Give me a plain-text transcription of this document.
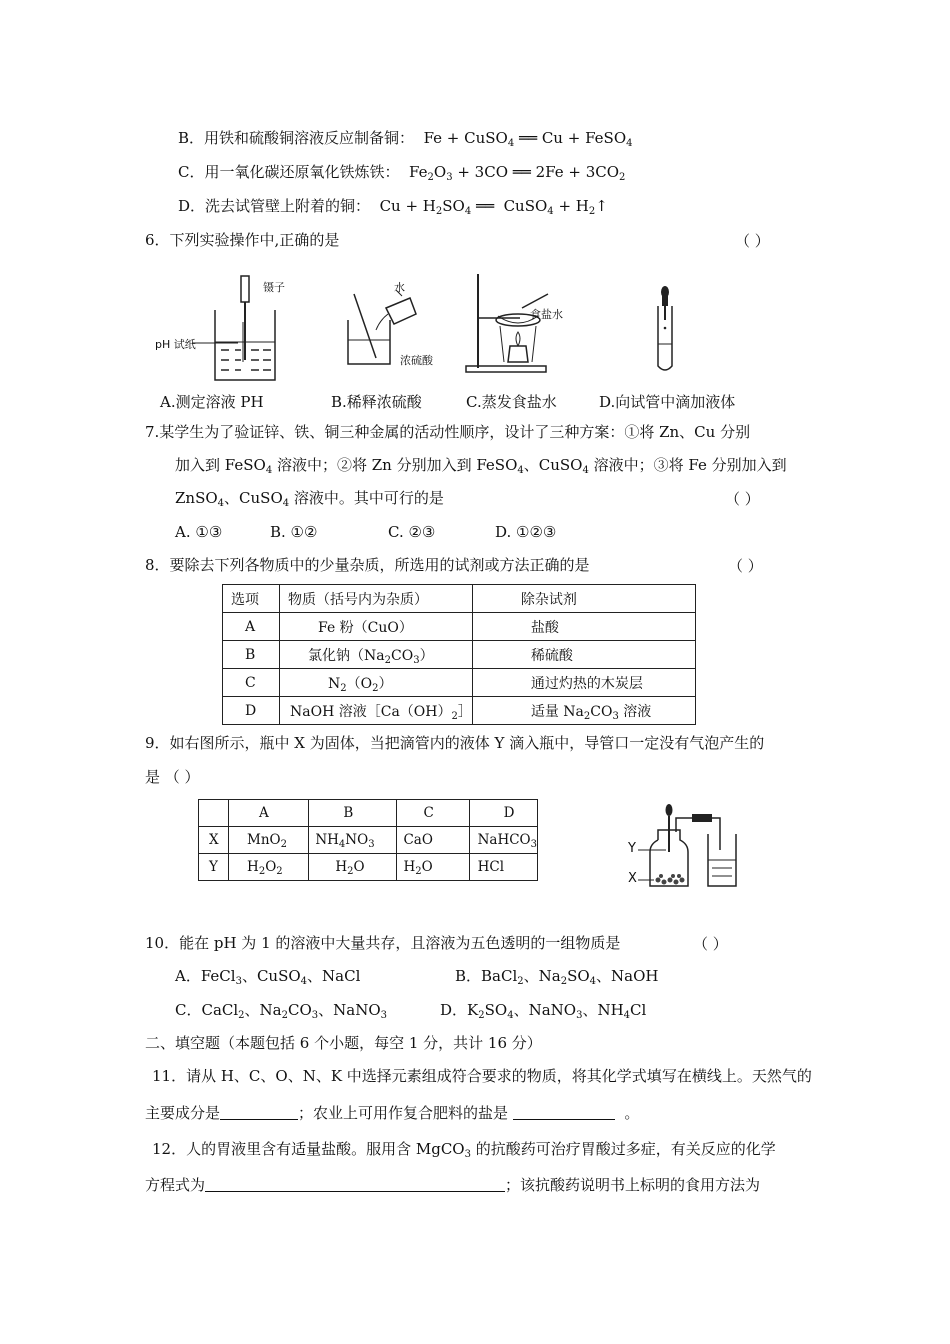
B．用铁和硫酸铜溶液反应制备铜：  Fe + CuSO$_4$ ══ Cu + FeSO$_4$
C．用一氧化碳还原氧化铁炼铁：  $Fe_2O_3 + 3CO$ ══ $2Fe + 3CO_2$
D．洗去试管壁上附着的铜：  $Cu + H_2SO_4$ ══  CuSO$_4$ + $H_2↑$
6．下列实验操作中,正确的是	（ ）
镊子
pH 试纸
水
浓硫酸
食盐水
A.测定溶液 PH	B.稀释浓硫酸	C.蒸发食盐水	D.向试管中滴加液体
7.某学生为了验证锌、铁、铜三种金属的活动性顺序，设计了三种方案：①将 Zn、Cu 分别
加入到 FeSO$_4$ 溶液中；②将 Zn 分别加入到 FeSO$_4$、CuSO$_4$ 溶液中；③将 Fe 分别加入到
ZnSO$_4$、CuSO$_4$ 溶液中。其中可行的是	（ ）
A. ①③	B. ①②	C. ②③	D. ①②③
8．要除去下列各物质中的少量杂质，所选用的试剂或方法正确的是	（ ）
选项	物质（括号内为杂质）	除杂试剂
A	Fe 粉（CuO）	盐酸
B	氯化钠$(Na_2CO_3)$	稀硫酸
C	$N_2(O_2)$	通过灼热的木炭层
D	NaOH 溶液$[Ca(OH)_2]$	适量 $Na_2CO_3$ 溶液
9．如右图所示，瓶中 X 为固体，当把滴管内的液体 Y 滴入瓶中，导管口一定没有气泡产生的
是 （ ）
	A	B	C	D
X	MnO$_2$	$NH_4NO_3$	CaO	NaHCO$_3$
Y	$H_2O_2$	$H_2O$	$H_2O$	HCl
Y
X
10．能在 pH 为 1 的溶液中大量共存，且溶液为五色透明的一组物质是	（ ）
A．FeCl$_3$、CuSO$_4$、NaCl	B．BaCl$_2$、$Na_2SO_4$、NaOH
C．CaCl$_2$、$Na_2CO_3$、NaNO$_3$	D．$K_2SO_4$、NaNO$_3$、$NH_4Cl$
二、填空题（本题包括 6 个小题，每空 1 分，共计 16 分）
11．请从 H、C、O、N、K 中选择元素组成符合要求的物质，将其化学式填写在横线上。天然气的
主要成分是	；农业上可用作复合肥料的盐是	。
12．人的胃液里含有适量盐酸。服用含 MgCO$_3$ 的抗酸药可治疗胃酸过多症，有关反应的化学
方程式为	；该抗酸药说明书上标明的食用方法为
